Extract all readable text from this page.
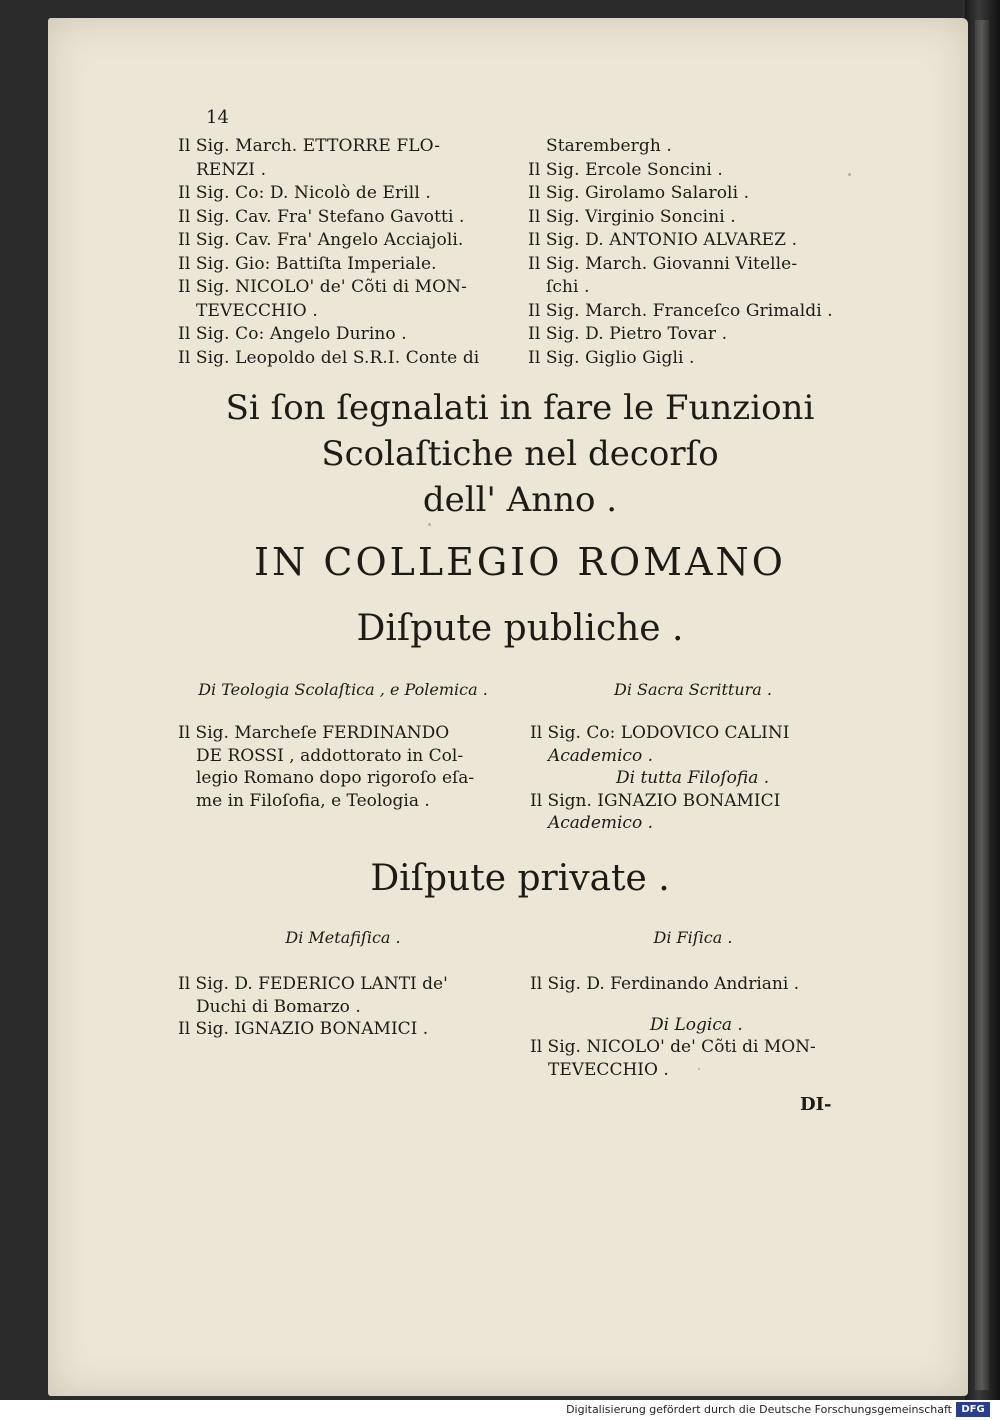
14
Il Sig. March. ETTORRE FLO-
RENZI .
Il Sig. Co: D. Nicolò de Erill .
Il Sig. Cav. Fra' Stefano Gavotti .
Il Sig. Cav. Fra' Angelo Acciajoli.
Il Sig. Gio: Battiſta Imperiale.
Il Sig. NICOLO' de' Cõti di MON-
TEVECCHIO .
Il Sig. Co: Angelo Durino .
Il Sig. Leopoldo del S.R.I. Conte di
Starembergh .
Il Sig. Ercole Soncini .
Il Sig. Girolamo Salaroli .
Il Sig. Virginio Soncini .
Il Sig. D. ANTONIO ALVAREZ .
Il Sig. March. Giovanni Vitelle-
ſchi .
Il Sig. March. Franceſco Grimaldi .
Il Sig. D. Pietro Tovar .
Il Sig. Giglio Gigli .
Si ſon ſegnalati in fare le Funzioni
Scolaſtiche nel decorſo
dell' Anno .
IN COLLEGIO ROMANO
Diſpute publiche .
Di Teologia Scolaſtica , e Polemica .	Di Sacra Scrittura .
Il Sig. Marcheſe FERDINANDO
DE ROSSI , addottorato in Col-
legio Romano dopo rigoroſo eſa-
me in Filoſofia, e Teologia .
Il Sig. Co: LODOVICO CALINI
Academico .
Di tutta Filoſofia .
Il Sign. IGNAZIO BONAMICI
Academico .
Diſpute private .
Di Metafiſica .	Di Fiſica .
Il Sig. D. FEDERICO LANTI de'
Duchi di Bomarzo .
Il Sig. IGNAZIO BONAMICI .
Il Sig. D. Ferdinando Andriani .
Di Logica .
Il Sig. NICOLO' de' Cõti di MON-
TEVECCHIO .
DI-
Digitalisierung gefördert durch die Deutsche Forschungsgemeinschaft DFG
